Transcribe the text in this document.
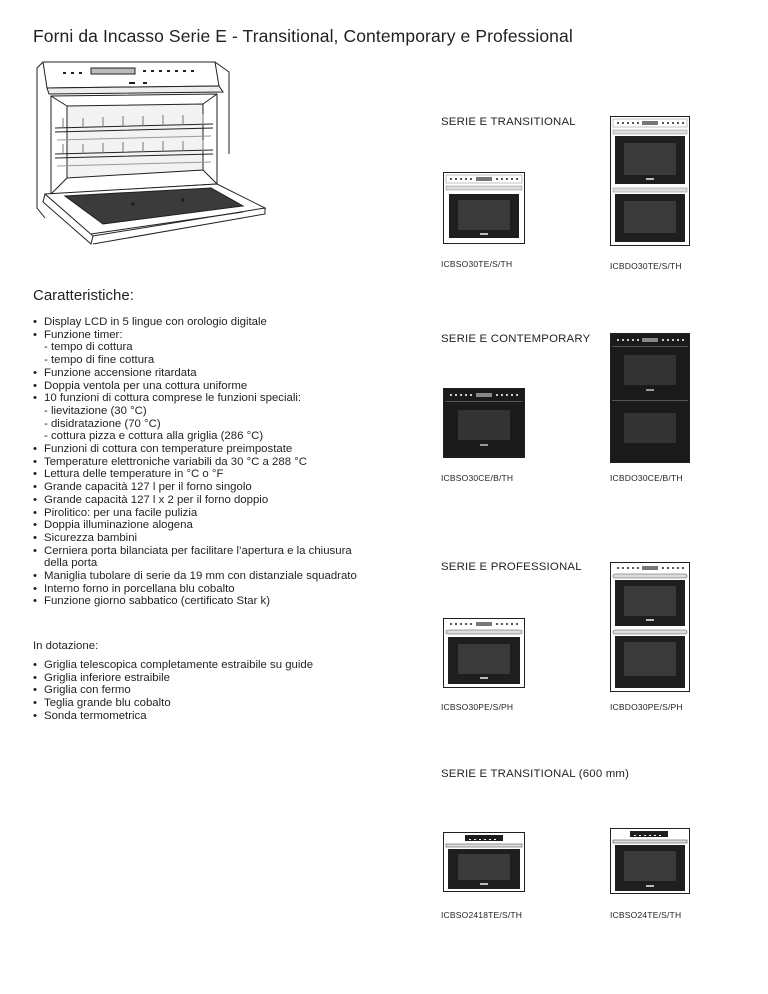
Forni da Incasso Serie E - Transitional, Contemporary e Professional
Caratteristiche:
• Display LCD in 5 lingue con orologio digitale
• Funzione timer:
- tempo di cottura
- tempo di fine cottura
• Funzione accensione ritardata
• Doppia ventola per una cottura uniforme
• 10 funzioni di cottura comprese le funzioni speciali:
- lievitazione (30 °C)
- disidratazione (70 °C)
- cottura pizza e cottura alla griglia (286 °C)
• Funzioni di cottura con temperature preimpostate
• Temperature elettroniche variabili da 30 °C a 288 °C
• Lettura delle temperature in °C o °F
• Grande capacità 127 l per il forno singolo
• Grande capacità 127 l x 2 per il forno doppio
• Pirolitico: per una facile pulizia
• Doppia illuminazione alogena
• Sicurezza bambini
• Cerniera porta bilanciata per facilitare l’apertura e la chiusura della porta
• Maniglia tubolare di serie da 19 mm con distanziale squadrato
• Interno forno in porcellana blu cobalto
• Funzione giorno sabbatico (certificato Star k)
In dotazione:
• Griglia telescopica completamente estraibile su guide
• Griglia inferiore estraibile
• Griglia con fermo
• Teglia grande blu cobalto
• Sonda termometrica
SERIE E TRANSITIONAL
SERIE E CONTEMPORARY
SERIE E PROFESSIONAL
SERIE E TRANSITIONAL (600 mm)
ICBSO30TE/S/TH	ICBDO30TE/S/TH
ICBSO30CE/B/TH	ICBDO30CE/B/TH
ICBSO30PE/S/PH	ICBDO30PE/S/PH
ICBSO2418TE/S/TH	ICBSO24TE/S/TH
